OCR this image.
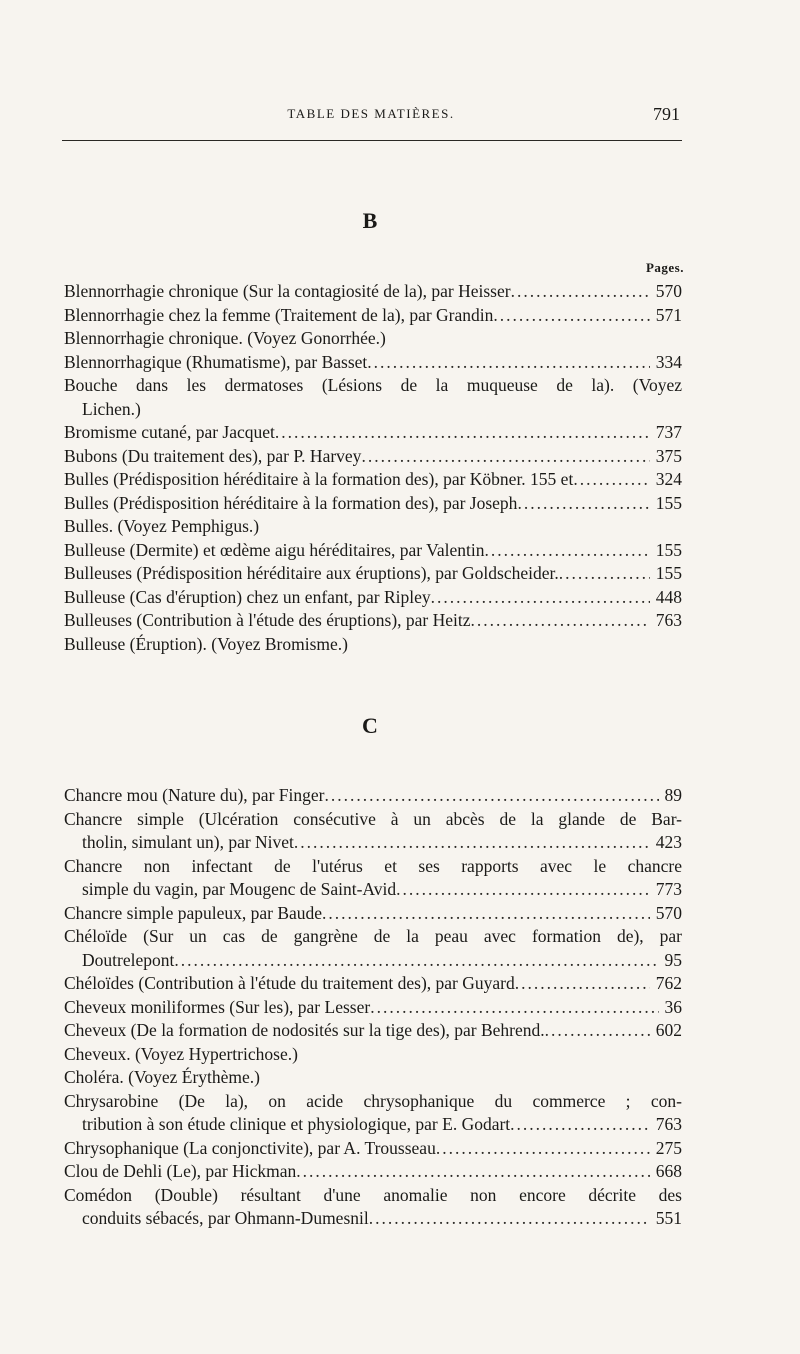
TABLE DES MATIÈRES.	791
B
Pages.
Blennorrhagie chronique (Sur la contagiosité de la), par Heisser .....	570
Blennorrhagie chez la femme (Traitement de la), par Grandin .....	571
Blennorrhagie chronique. (Voyez Gonorrhée.)
Blennorrhagique (Rhumatisme), par Basset .....	334
Bouche dans les dermatoses (Lésions de la muqueuse de la). (Voyez
Lichen.)
Bromisme cutané, par Jacquet .....	737
Bubons (Du traitement des), par P. Harvey .....	375
Bulles (Prédisposition héréditaire à la formation des), par Köbner. 155 et .....	324
Bulles (Prédisposition héréditaire à la formation des), par Joseph .....	155
Bulles. (Voyez Pemphigus.)
Bulleuse (Dermite) et œdème aigu héréditaires, par Valentin .....	155
Bulleuses (Prédisposition héréditaire aux éruptions), par Goldscheider. .....	155
Bulleuse (Cas d'éruption) chez un enfant, par Ripley .....	448
Bulleuses (Contribution à l'étude des éruptions), par Heitz .....	763
Bulleuse (Éruption). (Voyez Bromisme.)
C
Chancre mou (Nature du), par Finger .....	89
Chancre simple (Ulcération consécutive à un abcès de la glande de Bar-
tholin, simulant un), par Nivet .....	423
Chancre non infectant de l'utérus et ses rapports avec le chancre
simple du vagin, par Mougenc de Saint-Avid .....	773
Chancre simple papuleux, par Baude .....	570
Chéloïde (Sur un cas de gangrène de la peau avec formation de), par
Doutrelepont .....	95
Chéloïdes (Contribution à l'étude du traitement des), par Guyard .....	762
Cheveux moniliformes (Sur les), par Lesser .....	36
Cheveux (De la formation de nodosités sur la tige des), par Behrend. .....	602
Cheveux. (Voyez Hypertrichose.)
Choléra. (Voyez Érythème.)
Chrysarobine (De la), on acide chrysophanique du commerce ; con-
tribution à son étude clinique et physiologique, par E. Godart .....	763
Chrysophanique (La conjonctivite), par A. Trousseau .....	275
Clou de Dehli (Le), par Hickman .....	668
Comédon (Double) résultant d'une anomalie non encore décrite des
conduits sébacés, par Ohmann-Dumesnil .....	551
